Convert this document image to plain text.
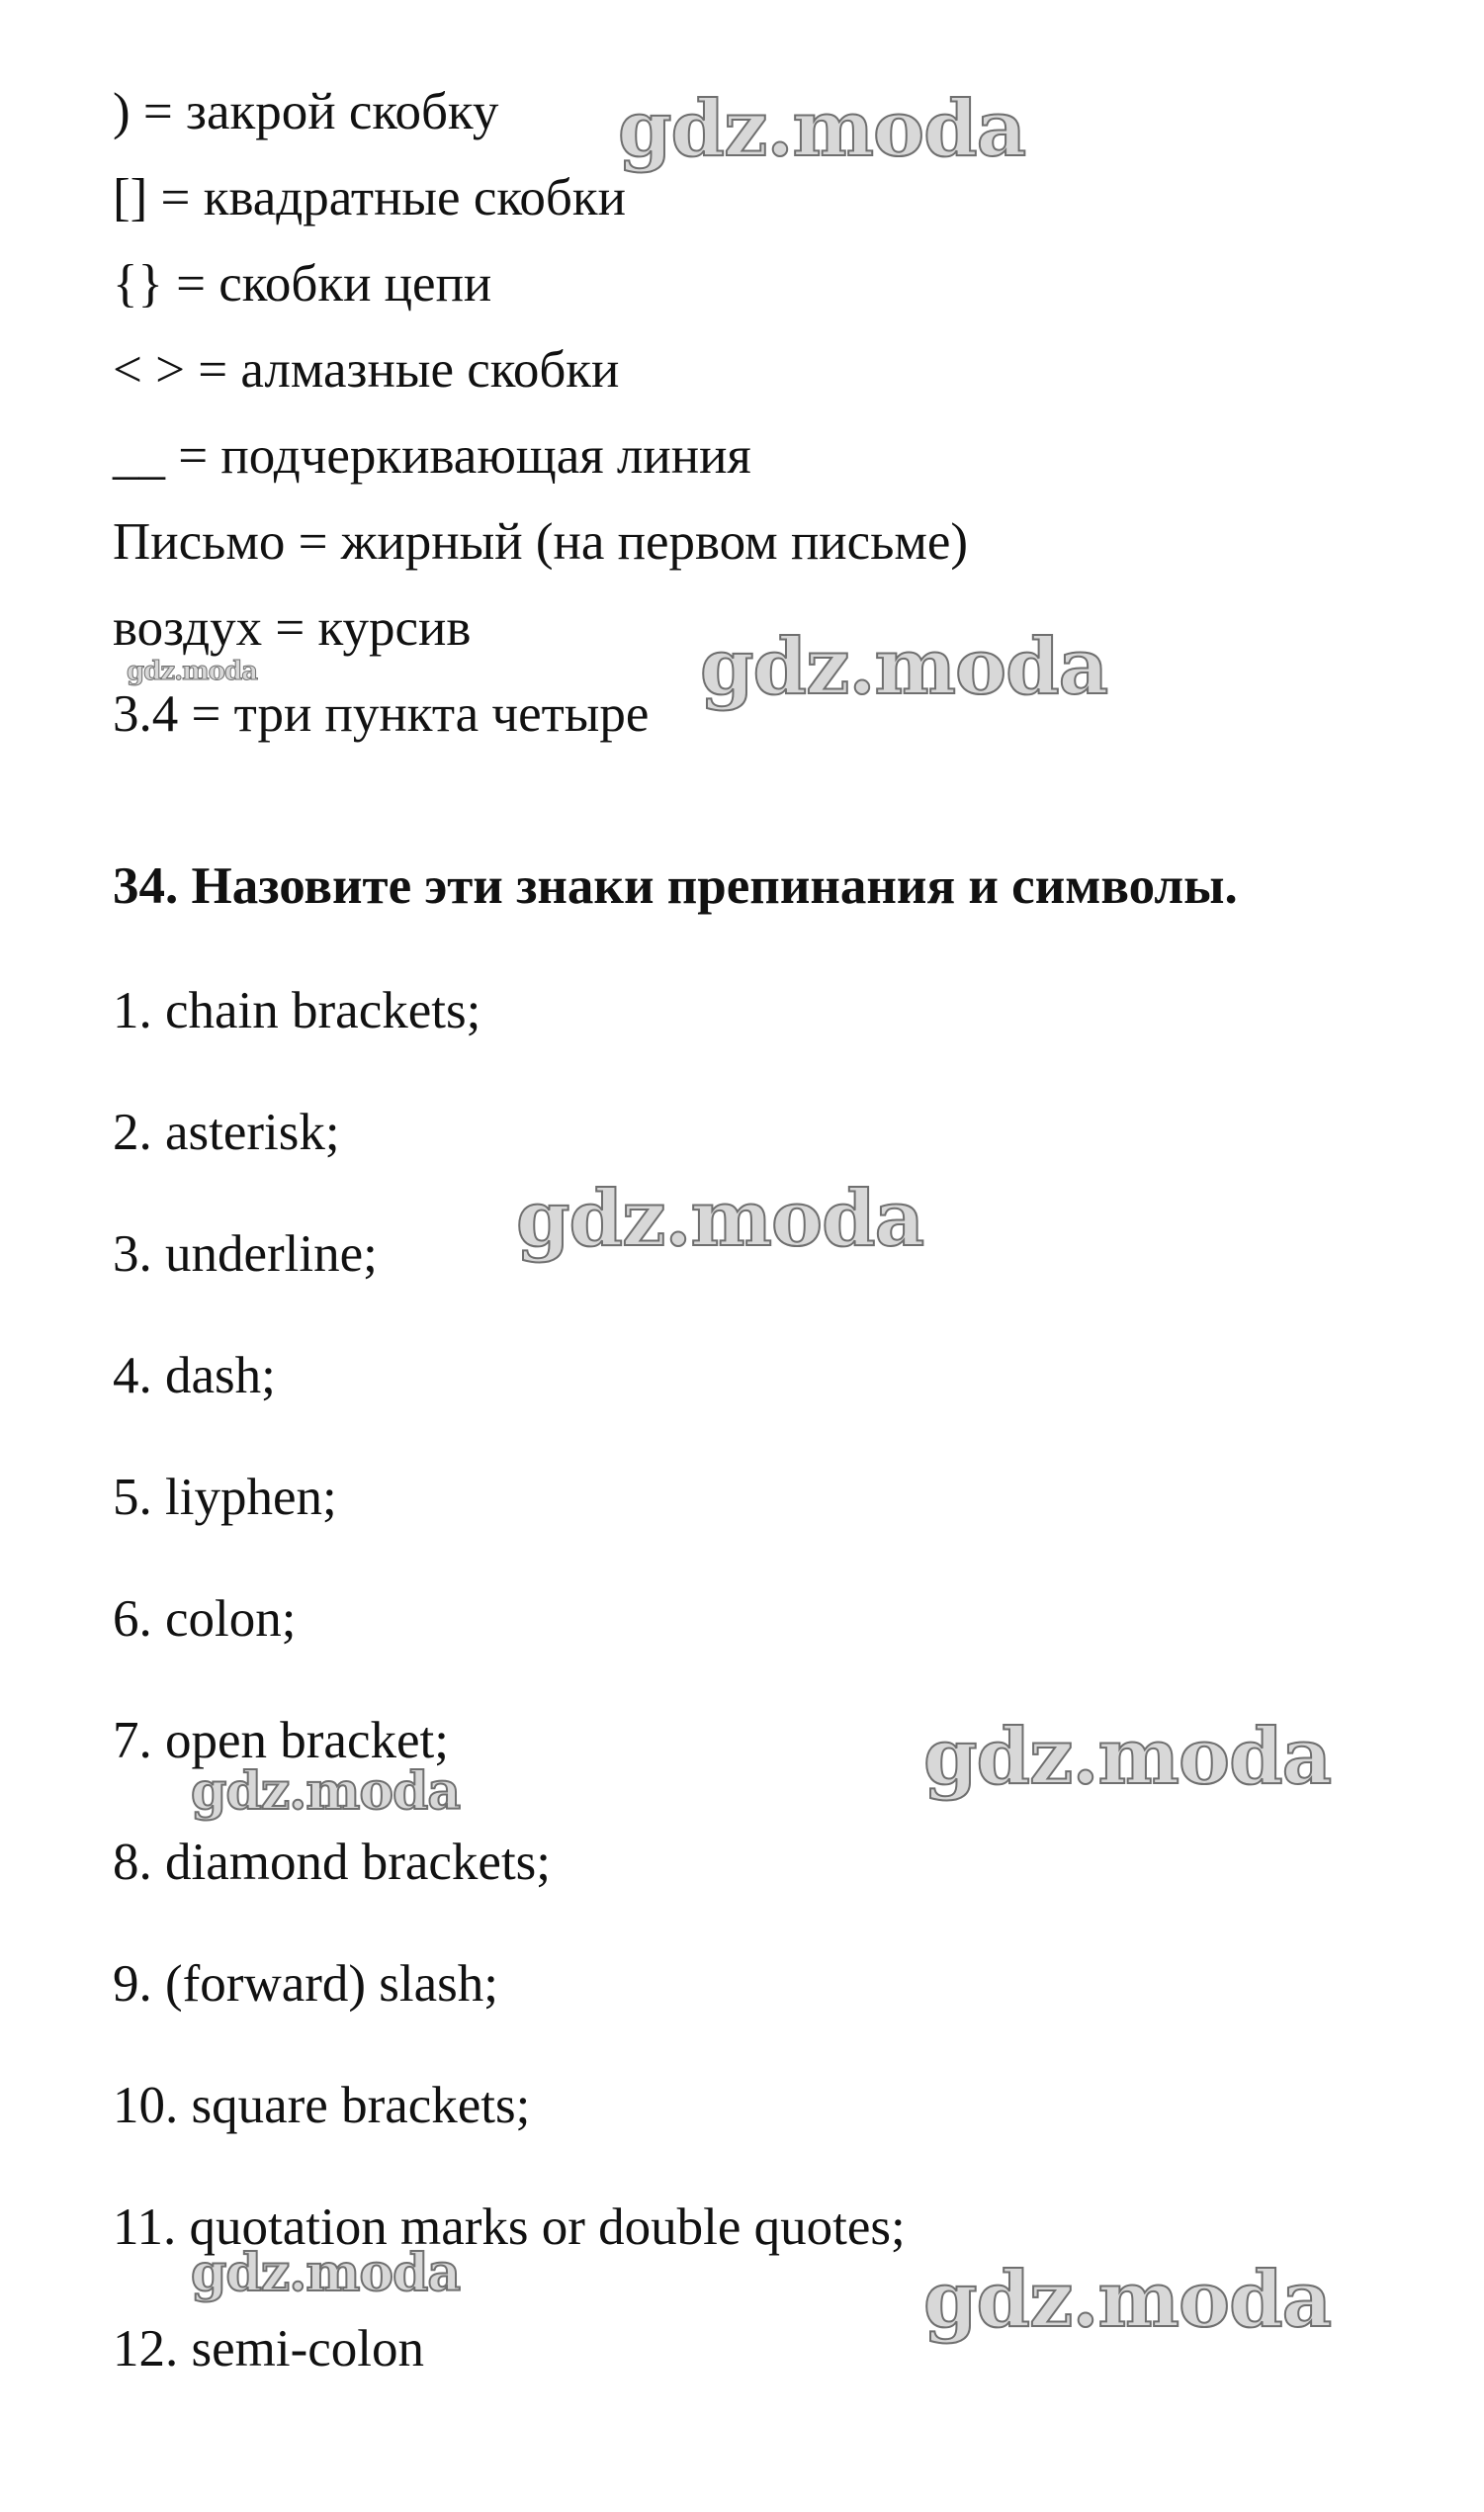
) = закрой скобку
[] = квадратные скобки
{} = скобки цепи
< > = алмазные скобки
__ = подчеркивающая линия
Письмо = жирный (на первом письме)
воздух = курсив
3.4 = три пункта четыре
34. Назовите эти знаки препинания и символы.
1. chain brackets;
2. asterisk;
3. underline;
4. dash;
5. liyphen;
6. colon;
7. open bracket;
8. diamond brackets;
9. (forward) slash;
10. square brackets;
11. quotation marks or double quotes;
12. semi-colon
gdz.moda
gdz.moda
gdz.moda
gdz.moda
gdz.moda
gdz.moda
gdz.moda	gdz.moda
